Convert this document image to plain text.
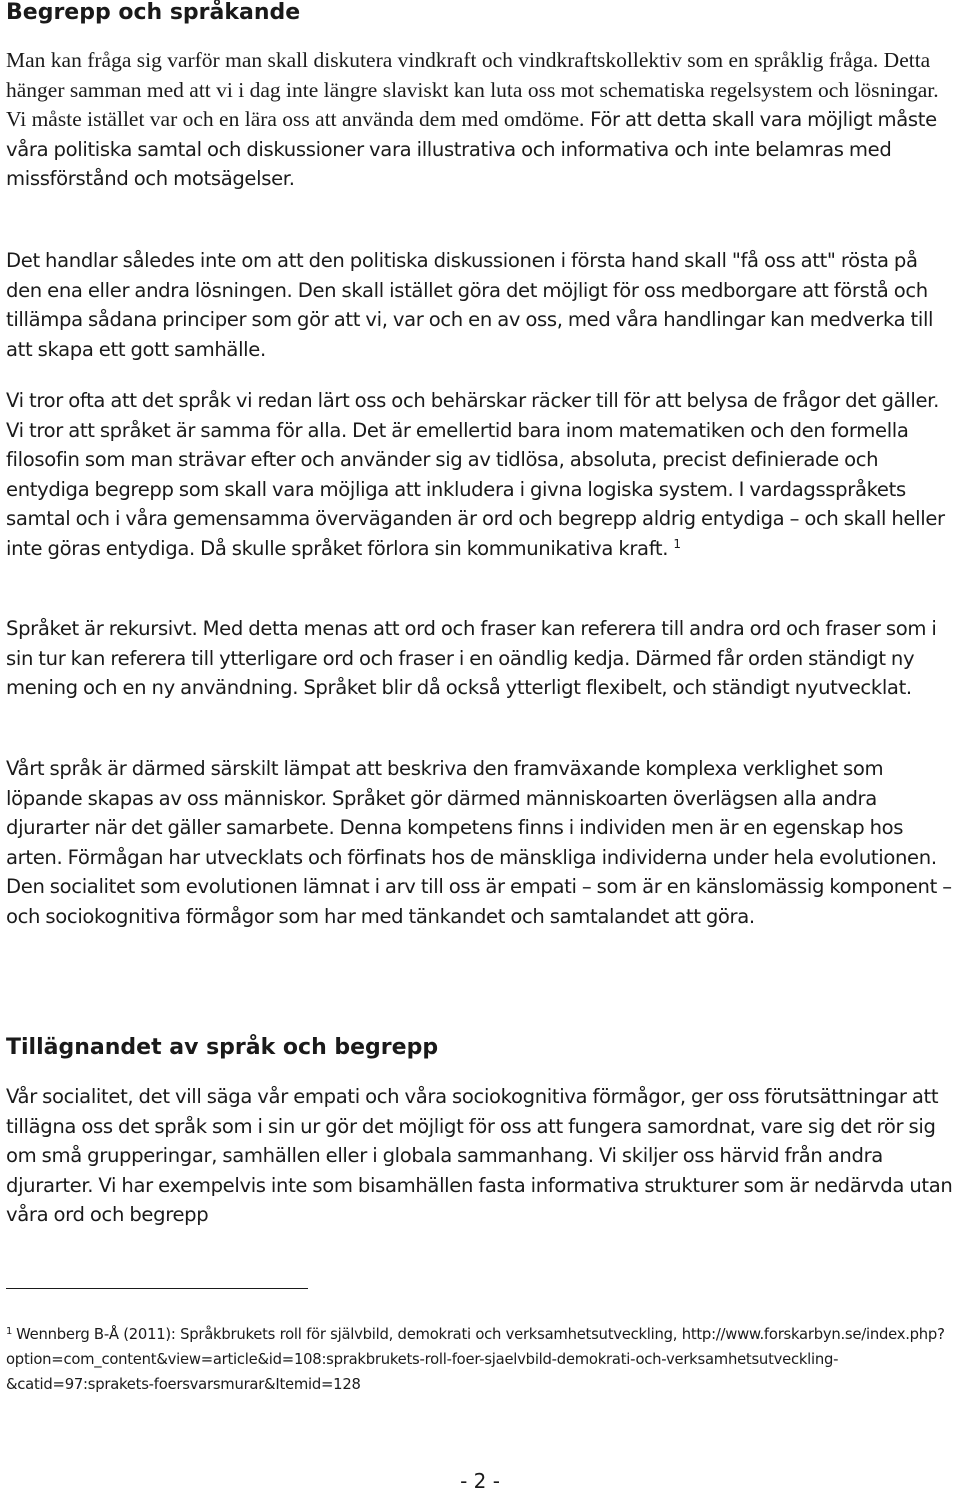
Begrepp och språkande

Man kan fråga sig varför man skall diskutera vindkraft och vindkraftskollektiv som en språklig fråga. Detta hänger samman med att vi i dag inte längre slaviskt kan luta oss mot schematiska regelsystem och lösningar. Vi måste istället var och en lära oss att använda dem med omdöme. För att detta skall vara möjligt måste våra politiska samtal och diskussioner vara illustrativa och informativa och inte belamras med missförstånd och motsägelser.

Det handlar således inte om att den politiska diskussionen i första hand skall "få oss att" rösta på den ena eller andra lösningen. Den skall istället göra det möjligt för oss medborgare att förstå och tillämpa sådana principer som gör att vi, var och en av oss, med våra handlingar kan medverka till att skapa ett gott samhälle.

Vi tror ofta att det språk vi redan lärt oss och behärskar räcker till för att belysa de frågor det gäller. Vi tror att språket är samma för alla. Det är emellertid bara inom matematiken och den formella filosofin som man strävar efter och använder sig av tidlösa, absoluta, precist definierade och entydiga begrepp som skall vara möjliga att inkludera i givna logiska system. I vardagsspråkets samtal och i våra gemensamma överväganden är ord och begrepp aldrig entydiga – och skall heller inte göras entydiga. Då skulle språket förlora sin kommunikativa kraft. $^1$

Språket är rekursivt. Med detta menas att ord och fraser kan referera till andra ord och fraser som i sin tur kan referera till ytterligare ord och fraser i en oändlig kedja. Därmed får orden ständigt ny mening och en ny användning. Språket blir då också ytterligt flexibelt, och ständigt nyutvecklat.

Vårt språk är därmed särskilt lämpat att beskriva den framväxande komplexa verklighet som löpande skapas av oss människor. Språket gör därmed människoarten överlägsen alla andra djurarter när det gäller samarbete. Denna kompetens finns i individen men är en egenskap hos arten. Förmågan har utvecklats och förfinats hos de mänskliga individerna under hela evolutionen. Den socialitet som evolutionen lämnat i arv till oss är empati – som är en känslomässig komponent – och sociokognitiva förmågor som har med tänkandet och samtalandet att göra.

Tillägnandet av språk och begrepp

Vår socialitet, det vill säga vår empati och våra sociokognitiva förmågor, ger oss förutsättningar att tillägna oss det språk som i sin ur gör det möjligt för oss att fungera samordnat, vare sig det rör sig om små grupperingar, samhällen eller i globala sammanhang. Vi skiljer oss härvid från andra djurarter. Vi har exempelvis inte som bisamhällen fasta informativa strukturer som är nedärvda utan våra ord och begrepp

$^1$ Wennberg B-Å (2011): Språkbrukets roll för självbild, demokrati och verksamhetsutveckling, http://www.forskarbyn.se/index.php?option=com_content&view=article&id=108:sprakbrukets-roll-foer-sjaelvbild-demokrati-och-verksamhetsutveckling-&catid=97:sprakets-foersvarsmurar&Itemid=128

- 2 -
